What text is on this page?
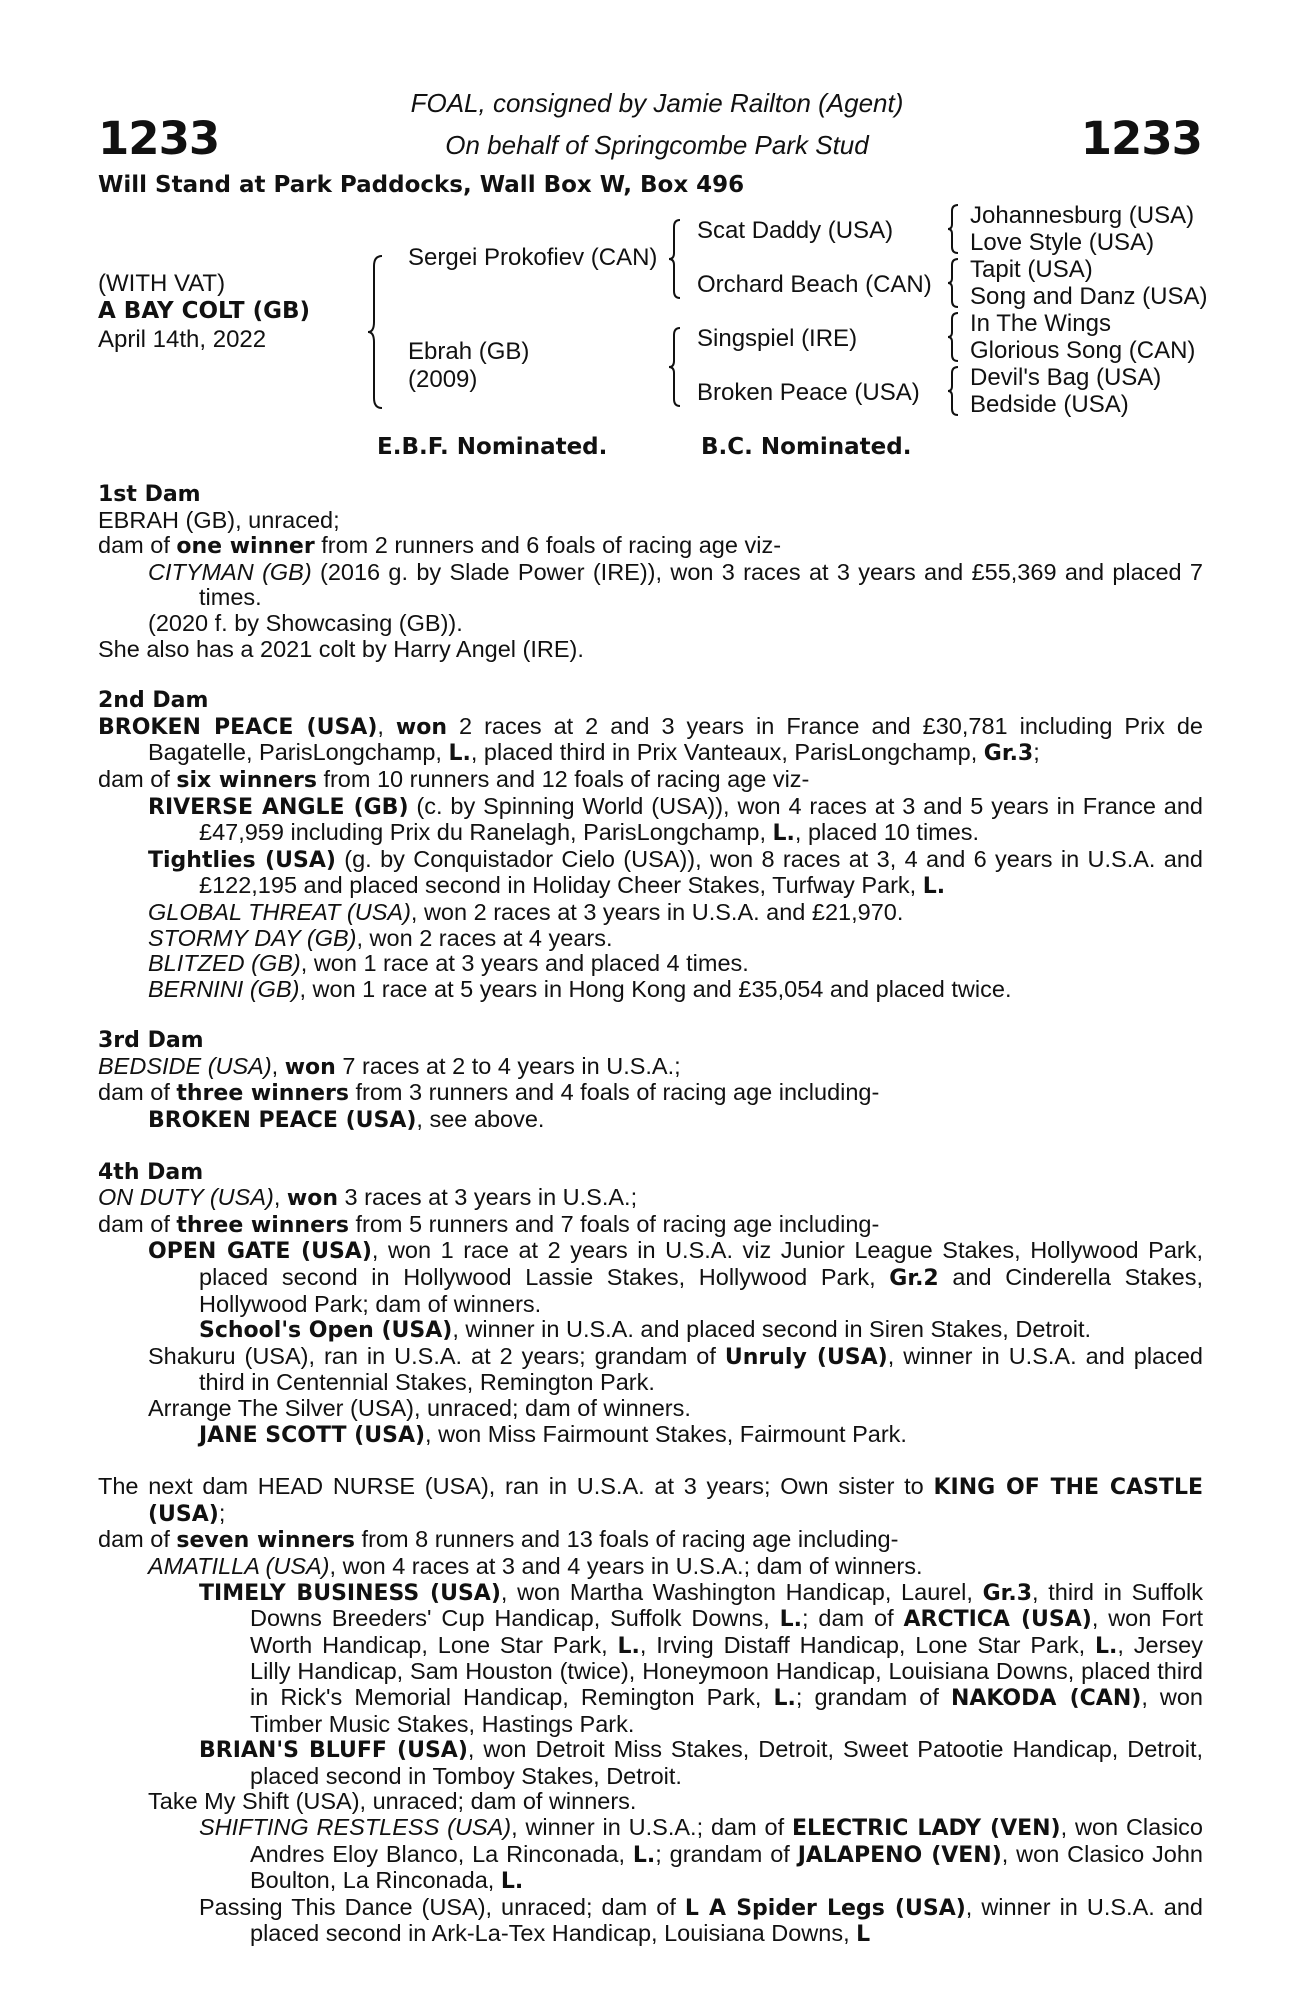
1233	1233
FOAL, consigned by Jamie Railton (Agent)
On behalf of Springcombe Park Stud
Will Stand at Park Paddocks, Wall Box W, Box 496
(WITH VAT)
A BAY COLT (GB)
April 14th, 2022
Sergei Prokofiev (CAN)
Ebrah (GB)
(2009)
Scat Daddy (USA)
Orchard Beach (CAN)
Singspiel (IRE)
Broken Peace (USA)
Johannesburg (USA)
Love Style (USA)
Tapit (USA)
Song and Danz (USA)
In The Wings
Glorious Song (CAN)
Devil's Bag (USA)
Bedside (USA)
E.B.F. Nominated.	B.C. Nominated.
1st Dam
EBRAH (GB), unraced;
dam of one winner from 2 runners and 6 foals of racing age viz-
CITYMAN (GB) (2016 g. by Slade Power (IRE)), won 3 races at 3 years and £55,369 and placed 7 times.
(2020 f. by Showcasing (GB)).
She also has a 2021 colt by Harry Angel (IRE).
2nd Dam
BROKEN PEACE (USA), won 2 races at 2 and 3 years in France and £30,781 including Prix de Bagatelle, ParisLongchamp, L., placed third in Prix Vanteaux, ParisLongchamp, Gr.3;
dam of six winners from 10 runners and 12 foals of racing age viz-
RIVERSE ANGLE (GB) (c. by Spinning World (USA)), won 4 races at 3 and 5 years in France and £47,959 including Prix du Ranelagh, ParisLongchamp, L., placed 10 times.
Tightlies (USA) (g. by Conquistador Cielo (USA)), won 8 races at 3, 4 and 6 years in U.S.A. and £122,195 and placed second in Holiday Cheer Stakes, Turfway Park, L.
GLOBAL THREAT (USA), won 2 races at 3 years in U.S.A. and £21,970.
STORMY DAY (GB), won 2 races at 4 years.
BLITZED (GB), won 1 race at 3 years and placed 4 times.
BERNINI (GB), won 1 race at 5 years in Hong Kong and £35,054 and placed twice.
3rd Dam
BEDSIDE (USA), won 7 races at 2 to 4 years in U.S.A.;
dam of three winners from 3 runners and 4 foals of racing age including-
BROKEN PEACE (USA), see above.
4th Dam
ON DUTY (USA), won 3 races at 3 years in U.S.A.;
dam of three winners from 5 runners and 7 foals of racing age including-
OPEN GATE (USA), won 1 race at 2 years in U.S.A. viz Junior League Stakes, Hollywood Park, placed second in Hollywood Lassie Stakes, Hollywood Park, Gr.2 and Cinderella Stakes, Hollywood Park; dam of winners.
School's Open (USA), winner in U.S.A. and placed second in Siren Stakes, Detroit.
Shakuru (USA), ran in U.S.A. at 2 years; grandam of Unruly (USA), winner in U.S.A. and placed third in Centennial Stakes, Remington Park.
Arrange The Silver (USA), unraced; dam of winners.
JANE SCOTT (USA), won Miss Fairmount Stakes, Fairmount Park.
The next dam HEAD NURSE (USA), ran in U.S.A. at 3 years; Own sister to KING OF THE CASTLE (USA);
dam of seven winners from 8 runners and 13 foals of racing age including-
AMATILLA (USA), won 4 races at 3 and 4 years in U.S.A.; dam of winners.
TIMELY BUSINESS (USA), won Martha Washington Handicap, Laurel, Gr.3, third in Suffolk Downs Breeders' Cup Handicap, Suffolk Downs, L.; dam of ARCTICA (USA), won Fort Worth Handicap, Lone Star Park, L., Irving Distaff Handicap, Lone Star Park, L., Jersey Lilly Handicap, Sam Houston (twice), Honeymoon Handicap, Louisiana Downs, placed third in Rick's Memorial Handicap, Remington Park, L.; grandam of NAKODA (CAN), won Timber Music Stakes, Hastings Park.
BRIAN'S BLUFF (USA), won Detroit Miss Stakes, Detroit, Sweet Patootie Handicap, Detroit, placed second in Tomboy Stakes, Detroit.
Take My Shift (USA), unraced; dam of winners.
SHIFTING RESTLESS (USA), winner in U.S.A.; dam of ELECTRIC LADY (VEN), won Clasico Andres Eloy Blanco, La Rinconada, L.; grandam of JALAPENO (VEN), won Clasico John Boulton, La Rinconada, L.
Passing This Dance (USA), unraced; dam of L A Spider Legs (USA), winner in U.S.A. and placed second in Ark-La-Tex Handicap, Louisiana Downs, L
